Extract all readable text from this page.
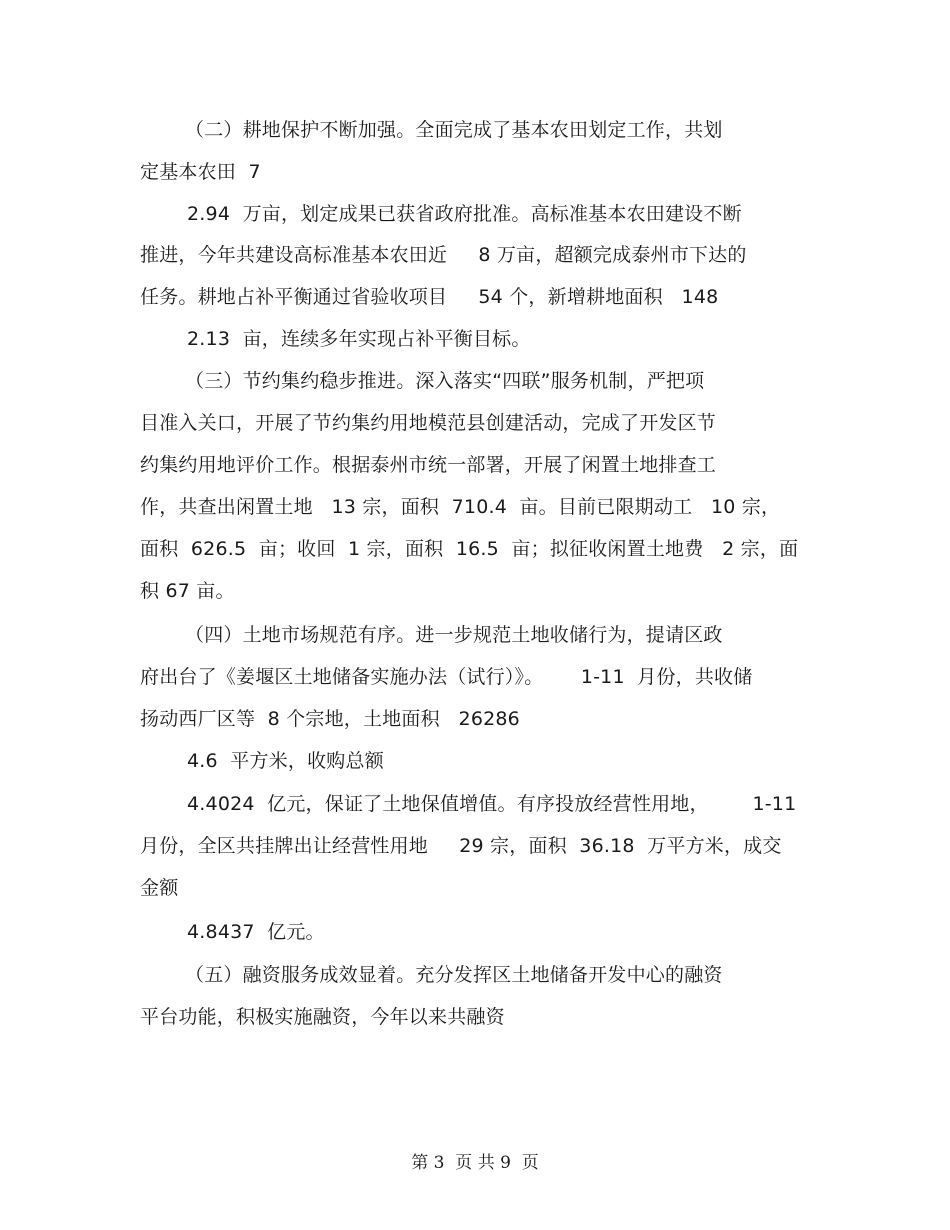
（二）耕地保护不断加强。全面完成了基本农田划定工作，共划
定基本农田  7
2.94  万亩，划定成果已获省政府批准。高标准基本农田建设不断
推进，今年共建设高标准基本农田近     8 万亩，超额完成泰州市下达的
任务。耕地占补平衡通过省验收项目     54 个，新增耕地面积   148
2.13  亩，连续多年实现占补平衡目标。
（三）节约集约稳步推进。深入落实“四联”服务机制，严把项
目准入关口，开展了节约集约用地模范县创建活动，完成了开发区节
约集约用地评价工作。根据泰州市统一部署，开展了闲置土地排查工
作，共查出闲置土地   13 宗，面积  710.4  亩。目前已限期动工   10 宗，
面积  626.5  亩；收回  1 宗，面积  16.5  亩；拟征收闲置土地费   2 宗，面
积 67 亩。
（四）土地市场规范有序。进一步规范土地收储行为，提请区政
府出台了《姜堰区土地储备实施办法（试行）》。      1-11  月份，共收储
扬动西厂区等  8 个宗地，土地面积   26286
4.6  平方米，收购总额
4.4024  亿元，保证了土地保值增值。有序投放经营性用地，       1-11
月份，全区共挂牌出让经营性用地     29 宗，面积  36.18  万平方米，成交
金额
4.8437  亿元。
（五）融资服务成效显着。充分发挥区土地储备开发中心的融资
平台功能，积极实施融资，今年以来共融资
第 3  页 共 9  页
